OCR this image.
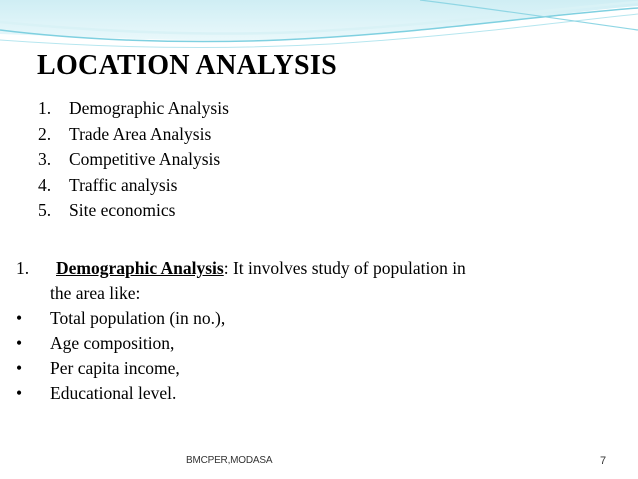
LOCATION ANALYSIS
1.	Demographic Analysis
2.	Trade Area Analysis
3.	Competitive Analysis
4.	Traffic analysis
5.	Site economics
1.	Demographic Analysis: It involves study of population in
the area like:
•	Total population (in no.),
•	Age composition,
•	Per capita income,
•	Educational level.
BMCPER,MODASA	7
